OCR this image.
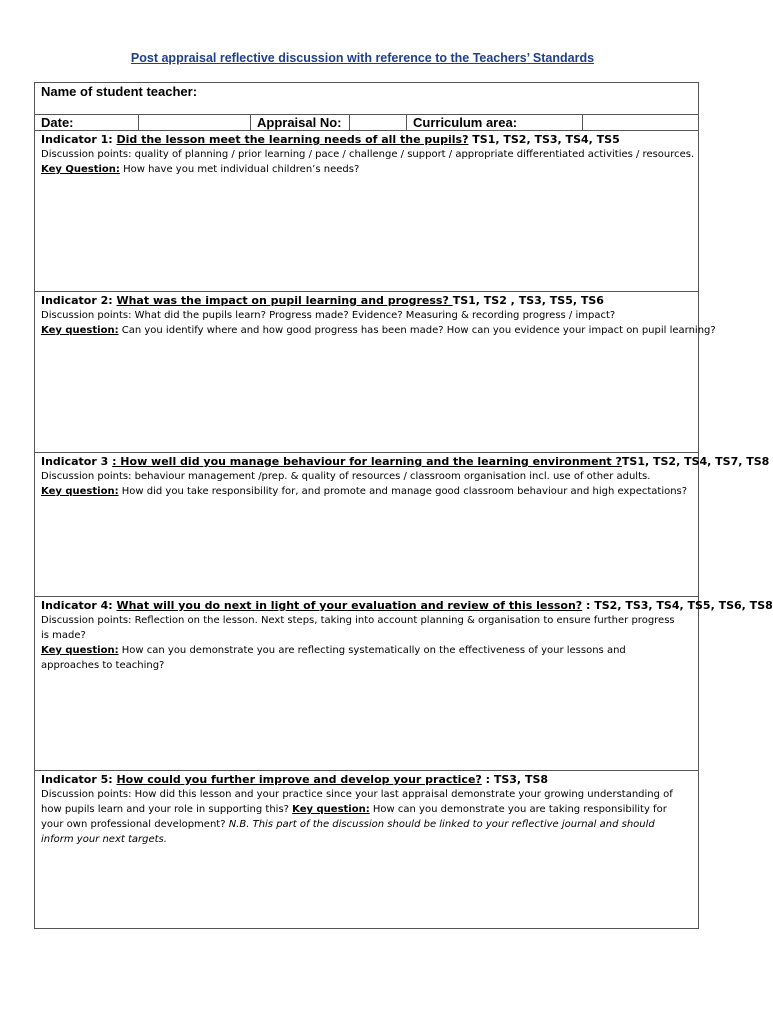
Post appraisal reflective discussion with reference to the Teachers’ Standards
Name of student teacher:
Date:	Appraisal No:	Curriculum area:
Indicator 1: Did the lesson meet the learning needs of all the pupils? TS1, TS2, TS3, TS4, TS5
Discussion points: quality of planning / prior learning / pace / challenge / support / appropriate differentiated activities / resources.
Key Question: How have you met individual children’s needs?
Indicator 2: What was the impact on pupil learning and progress? TS1, TS2 , TS3, TS5, TS6
Discussion points: What did the pupils learn? Progress made? Evidence? Measuring & recording progress / impact?
Key question: Can you identify where and how good progress has been made? How can you evidence your impact on pupil learning?
Indicator 3 : How well did you manage behaviour for learning and the learning environment ?TS1, TS2, TS4, TS7, TS8
Discussion points: behaviour management /prep. & quality of resources / classroom organisation incl. use of other adults.
Key question: How did you take responsibility for, and promote and manage good classroom behaviour and high expectations?
Indicator 4: What will you do next in light of your evaluation and review of this lesson? : TS2, TS3, TS4, TS5, TS6, TS8
Discussion points: Reflection on the lesson. Next steps, taking into account planning & organisation to ensure further progress is made?
Key question: How can you demonstrate you are reflecting systematically on the effectiveness of your lessons and approaches to teaching?
Indicator 5: How could you further improve and develop your practice? : TS3, TS8
Discussion points: How did this lesson and your practice since your last appraisal demonstrate your growing understanding of how pupils learn and your role in supporting this? Key question: How can you demonstrate you are taking responsibility for your own professional development? N.B. This part of the discussion should be linked to your reflective journal and should inform your next targets.
